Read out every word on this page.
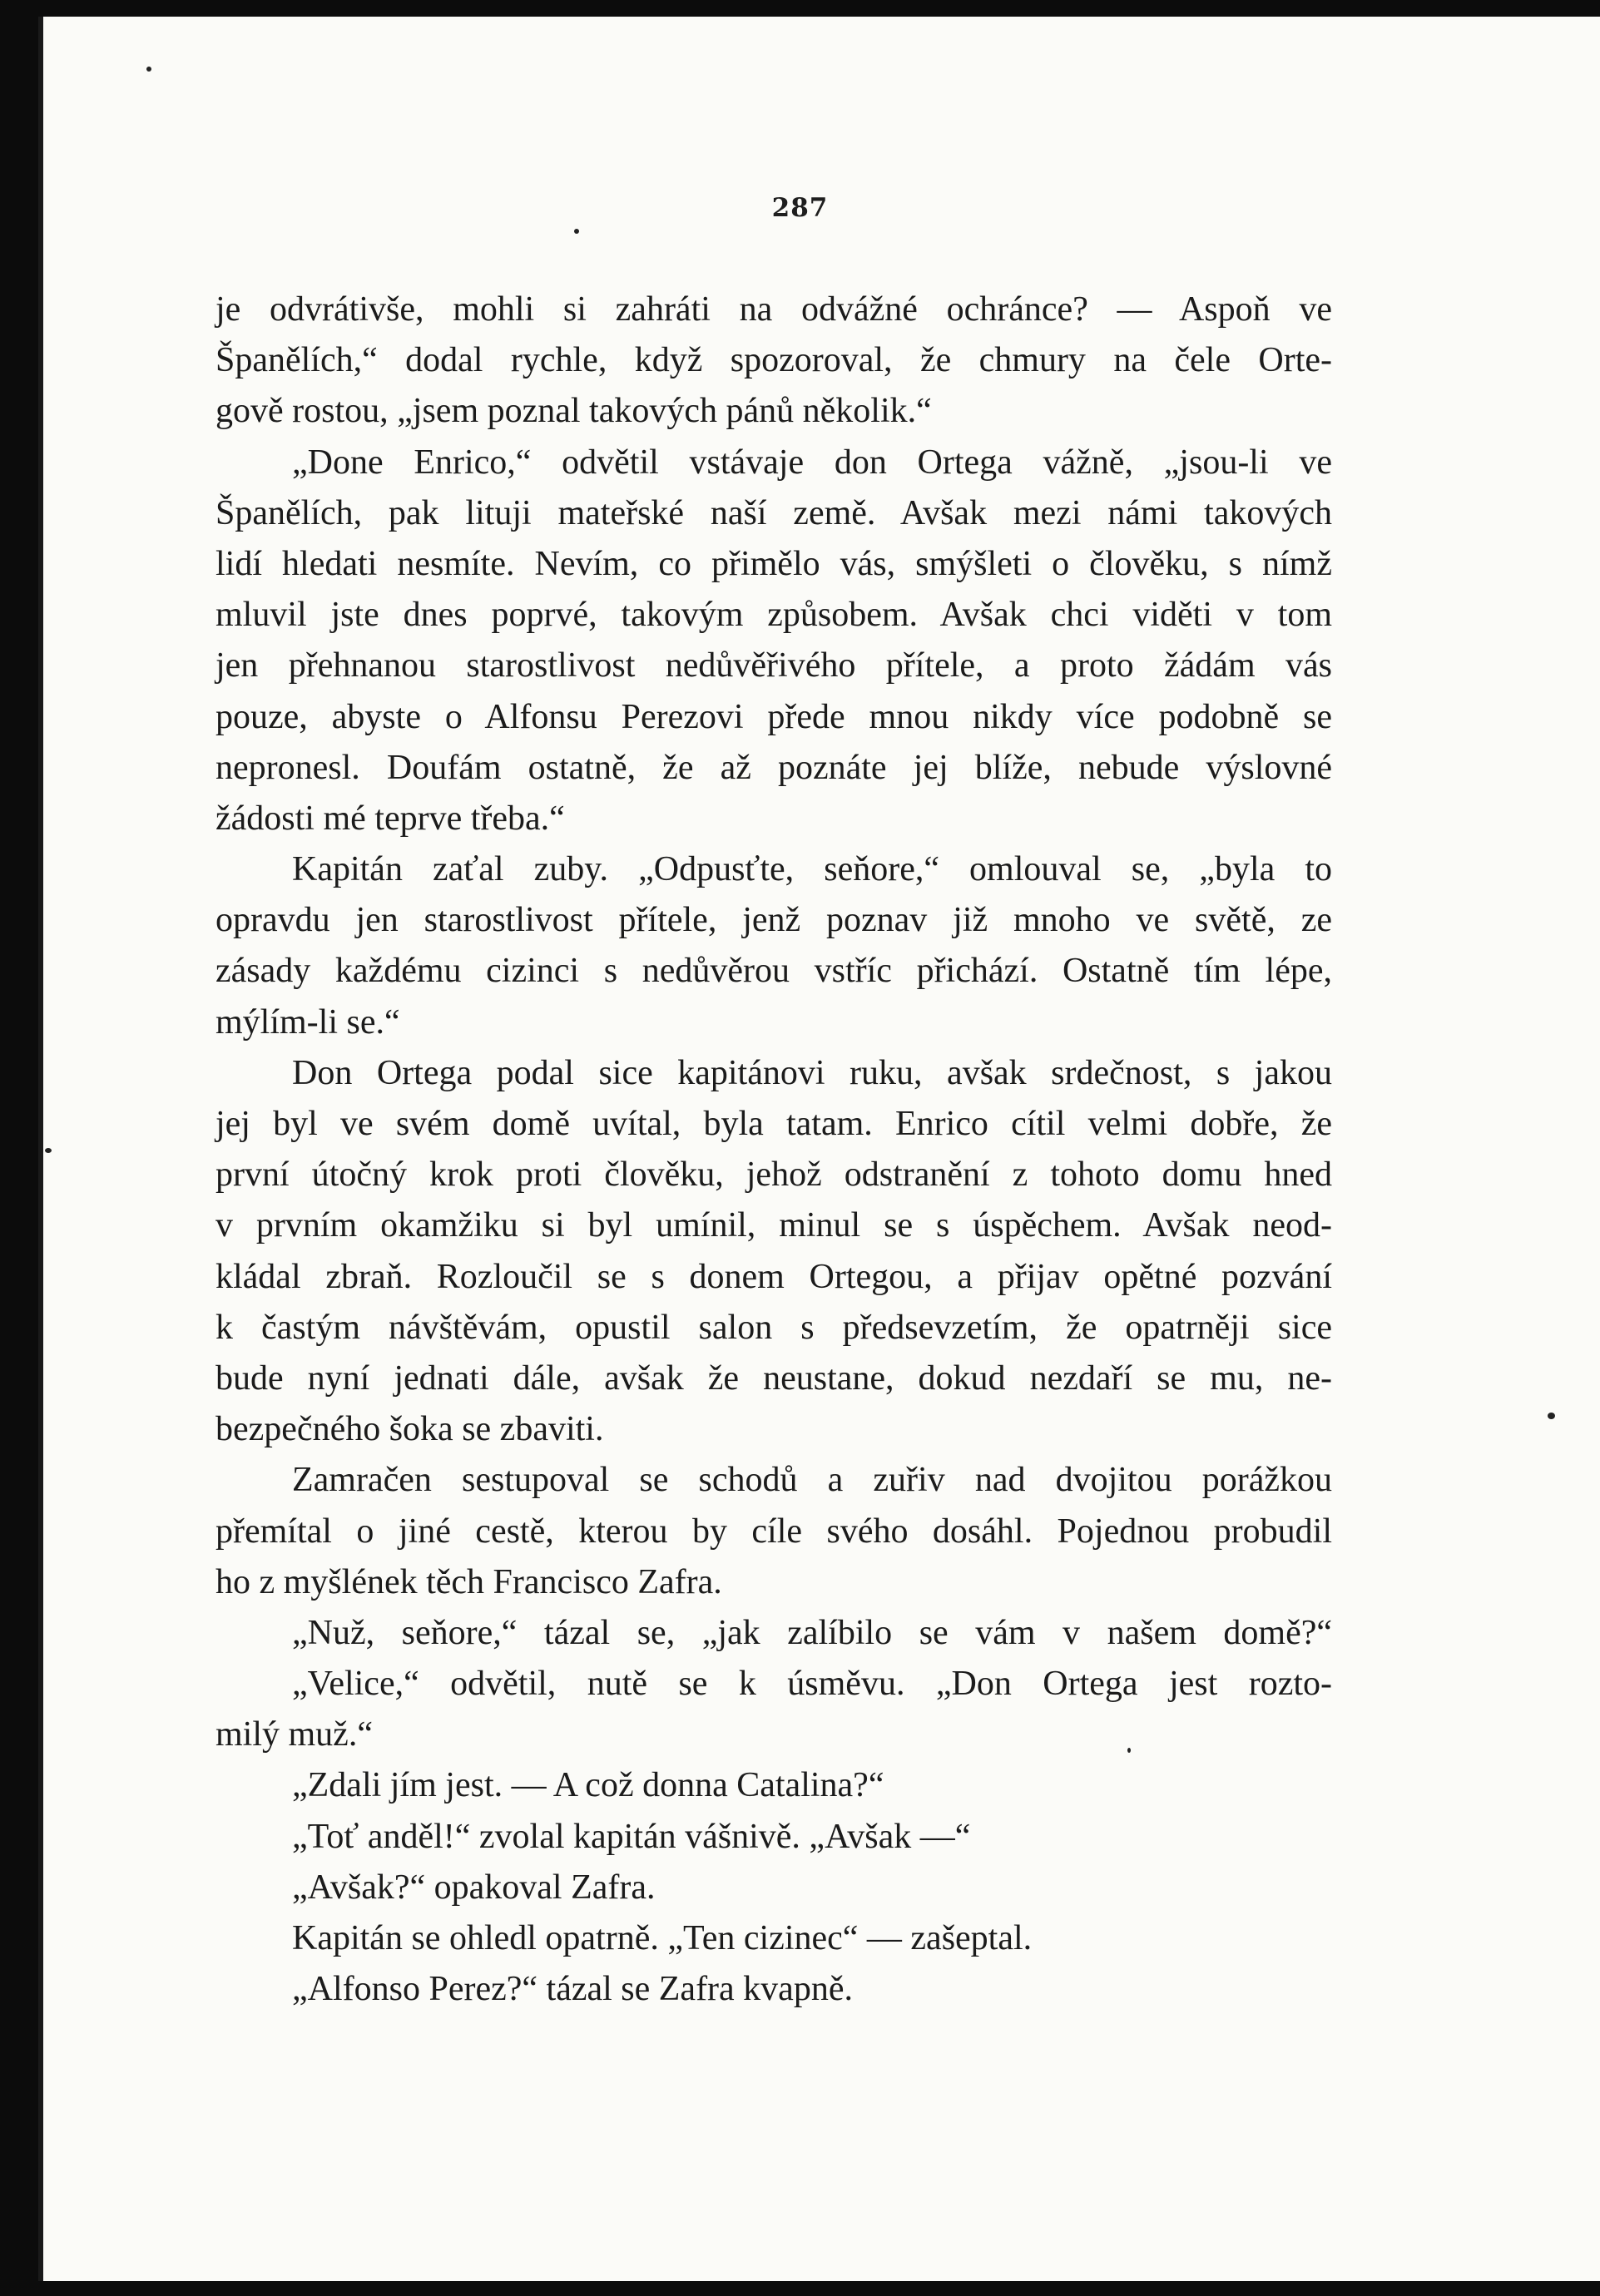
287
je odvrátivše, mohli si zahráti na odvážné ochránce? — Aspoň ve
Španělích,“ dodal rychle, když spozoroval, že chmury na čele Orte-
gově rostou, „jsem poznal takových pánů několik.“
„Done Enrico,“ odvětil vstávaje don Ortega vážně, „jsou-li ve
Španělích, pak lituji mateřské naší země. Avšak mezi námi takových
lidí hledati nesmíte. Nevím, co přimělo vás, smýšleti o člověku, s nímž
mluvil jste dnes poprvé, takovým způsobem. Avšak chci viděti v tom
jen přehnanou starostlivost nedůvěřivého přítele, a proto žádám vás
pouze, abyste o Alfonsu Perezovi přede mnou nikdy více podobně se
nepronesl. Doufám ostatně, že až poznáte jej blíže, nebude výslovné
žádosti mé teprve třeba.“
Kapitán zaťal zuby. „Odpusťte, seňore,“ omlouval se, „byla to
opravdu jen starostlivost přítele, jenž poznav již mnoho ve světě, ze
zásady každému cizinci s nedůvěrou vstříc přichází. Ostatně tím lépe,
mýlím-li se.“
Don Ortega podal sice kapitánovi ruku, avšak srdečnost, s jakou
jej byl ve svém domě uvítal, byla tatam. Enrico cítil velmi dobře, že
první útočný krok proti člověku, jehož odstranění z tohoto domu hned
v prvním okamžiku si byl umínil, minul se s úspěchem. Avšak neod-
kládal zbraň. Rozloučil se s donem Ortegou, a přijav opětné pozvání
k častým návštěvám, opustil salon s předsevzetím, že opatrněji sice
bude nyní jednati dále, avšak že neustane, dokud nezdaří se mu, ne-
bezpečného šoka se zbaviti.
Zamračen sestupoval se schodů a zuřiv nad dvojitou porážkou
přemítal o jiné cestě, kterou by cíle svého dosáhl. Pojednou probudil
ho z myšlének těch Francisco Zafra.
„Nuž, seňore,“ tázal se, „jak zalíbilo se vám v našem domě?“
„Velice,“ odvětil, nutě se k úsměvu. „Don Ortega jest rozto-
milý muž.“
„Zdali jím jest. — A což donna Catalina?“
„Toť anděl!“ zvolal kapitán vášnivě. „Avšak —“
„Avšak?“ opakoval Zafra.
Kapitán se ohledl opatrně. „Ten cizinec“ — zašeptal.
„Alfonso Perez?“ tázal se Zafra kvapně.
